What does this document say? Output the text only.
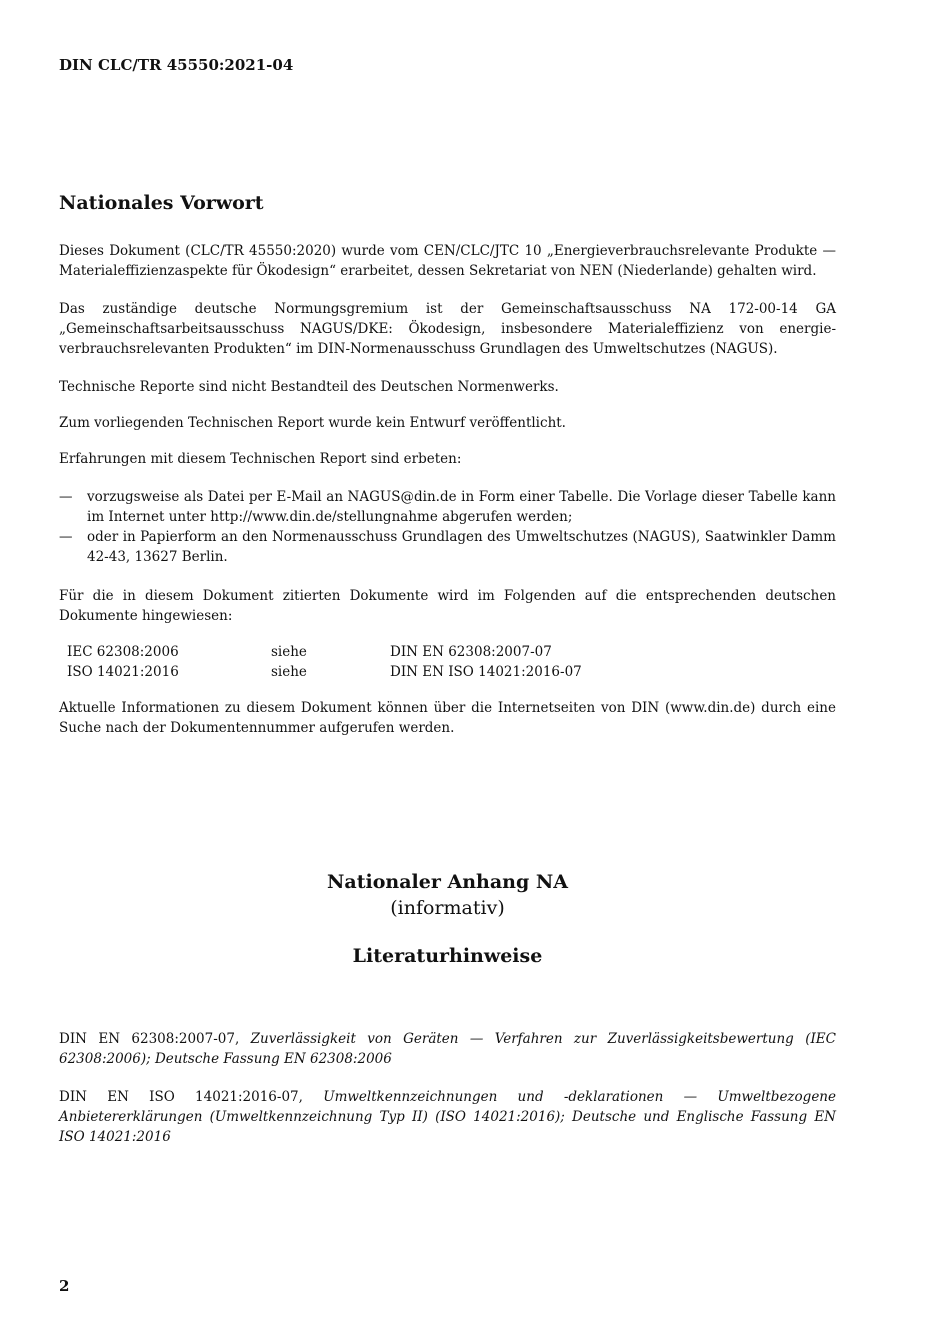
DIN CLC/TR 45550:2021-04
Nationales Vorwort

Dieses Dokument (CLC/TR 45550:2020) wurde vom CEN/CLC/JTC 10 „Energieverbrauchsrelevante Produkte — Materialeffizienzaspekte für Ökodesign“ erarbeitet, dessen Sekretariat von NEN (Niederlande) gehalten wird.

Das zuständige deutsche Normungsgremium ist der Gemeinschaftsausschuss NA 172-00-14 GA „Gemeinschaftsarbeitsausschuss NAGUS/DKE: Ökodesign, insbesondere Materialeffizienz von energieverbrauchsrelevanten Produkten“ im DIN-Normenausschuss Grundlagen des Umweltschutzes (NAGUS).

Technische Reporte sind nicht Bestandteil des Deutschen Normenwerks.

Zum vorliegenden Technischen Report wurde kein Entwurf veröffentlicht.

Erfahrungen mit diesem Technischen Report sind erbeten:

— vorzugsweise als Datei per E-Mail an NAGUS@din.de in Form einer Tabelle. Die Vorlage dieser Tabelle kann im Internet unter http://www.din.de/stellungnahme abgerufen werden;
— oder in Papierform an den Normenausschuss Grundlagen des Umweltschutzes (NAGUS), Saatwinkler Damm 42-43, 13627 Berlin.

Für die in diesem Dokument zitierten Dokumente wird im Folgenden auf die entsprechenden deutschen Dokumente hingewiesen:

IEC 62308:2006	siehe	DIN EN 62308:2007-07
ISO 14021:2016	siehe	DIN EN ISO 14021:2016-07

Aktuelle Informationen zu diesem Dokument können über die Internetseiten von DIN (www.din.de) durch eine Suche nach der Dokumentennummer aufgerufen werden.

Nationaler Anhang NA
(informativ)
Literaturhinweise

DIN EN 62308:2007-07, Zuverlässigkeit von Geräten — Verfahren zur Zuverlässigkeitsbewertung (IEC 62308:2006); Deutsche Fassung EN 62308:2006

DIN EN ISO 14021:2016-07, Umweltkennzeichnungen und -deklarationen — Umweltbezogene Anbietererklärungen (Umweltkennzeichnung Typ II) (ISO 14021:2016); Deutsche und Englische Fassung EN ISO 14021:2016

2
